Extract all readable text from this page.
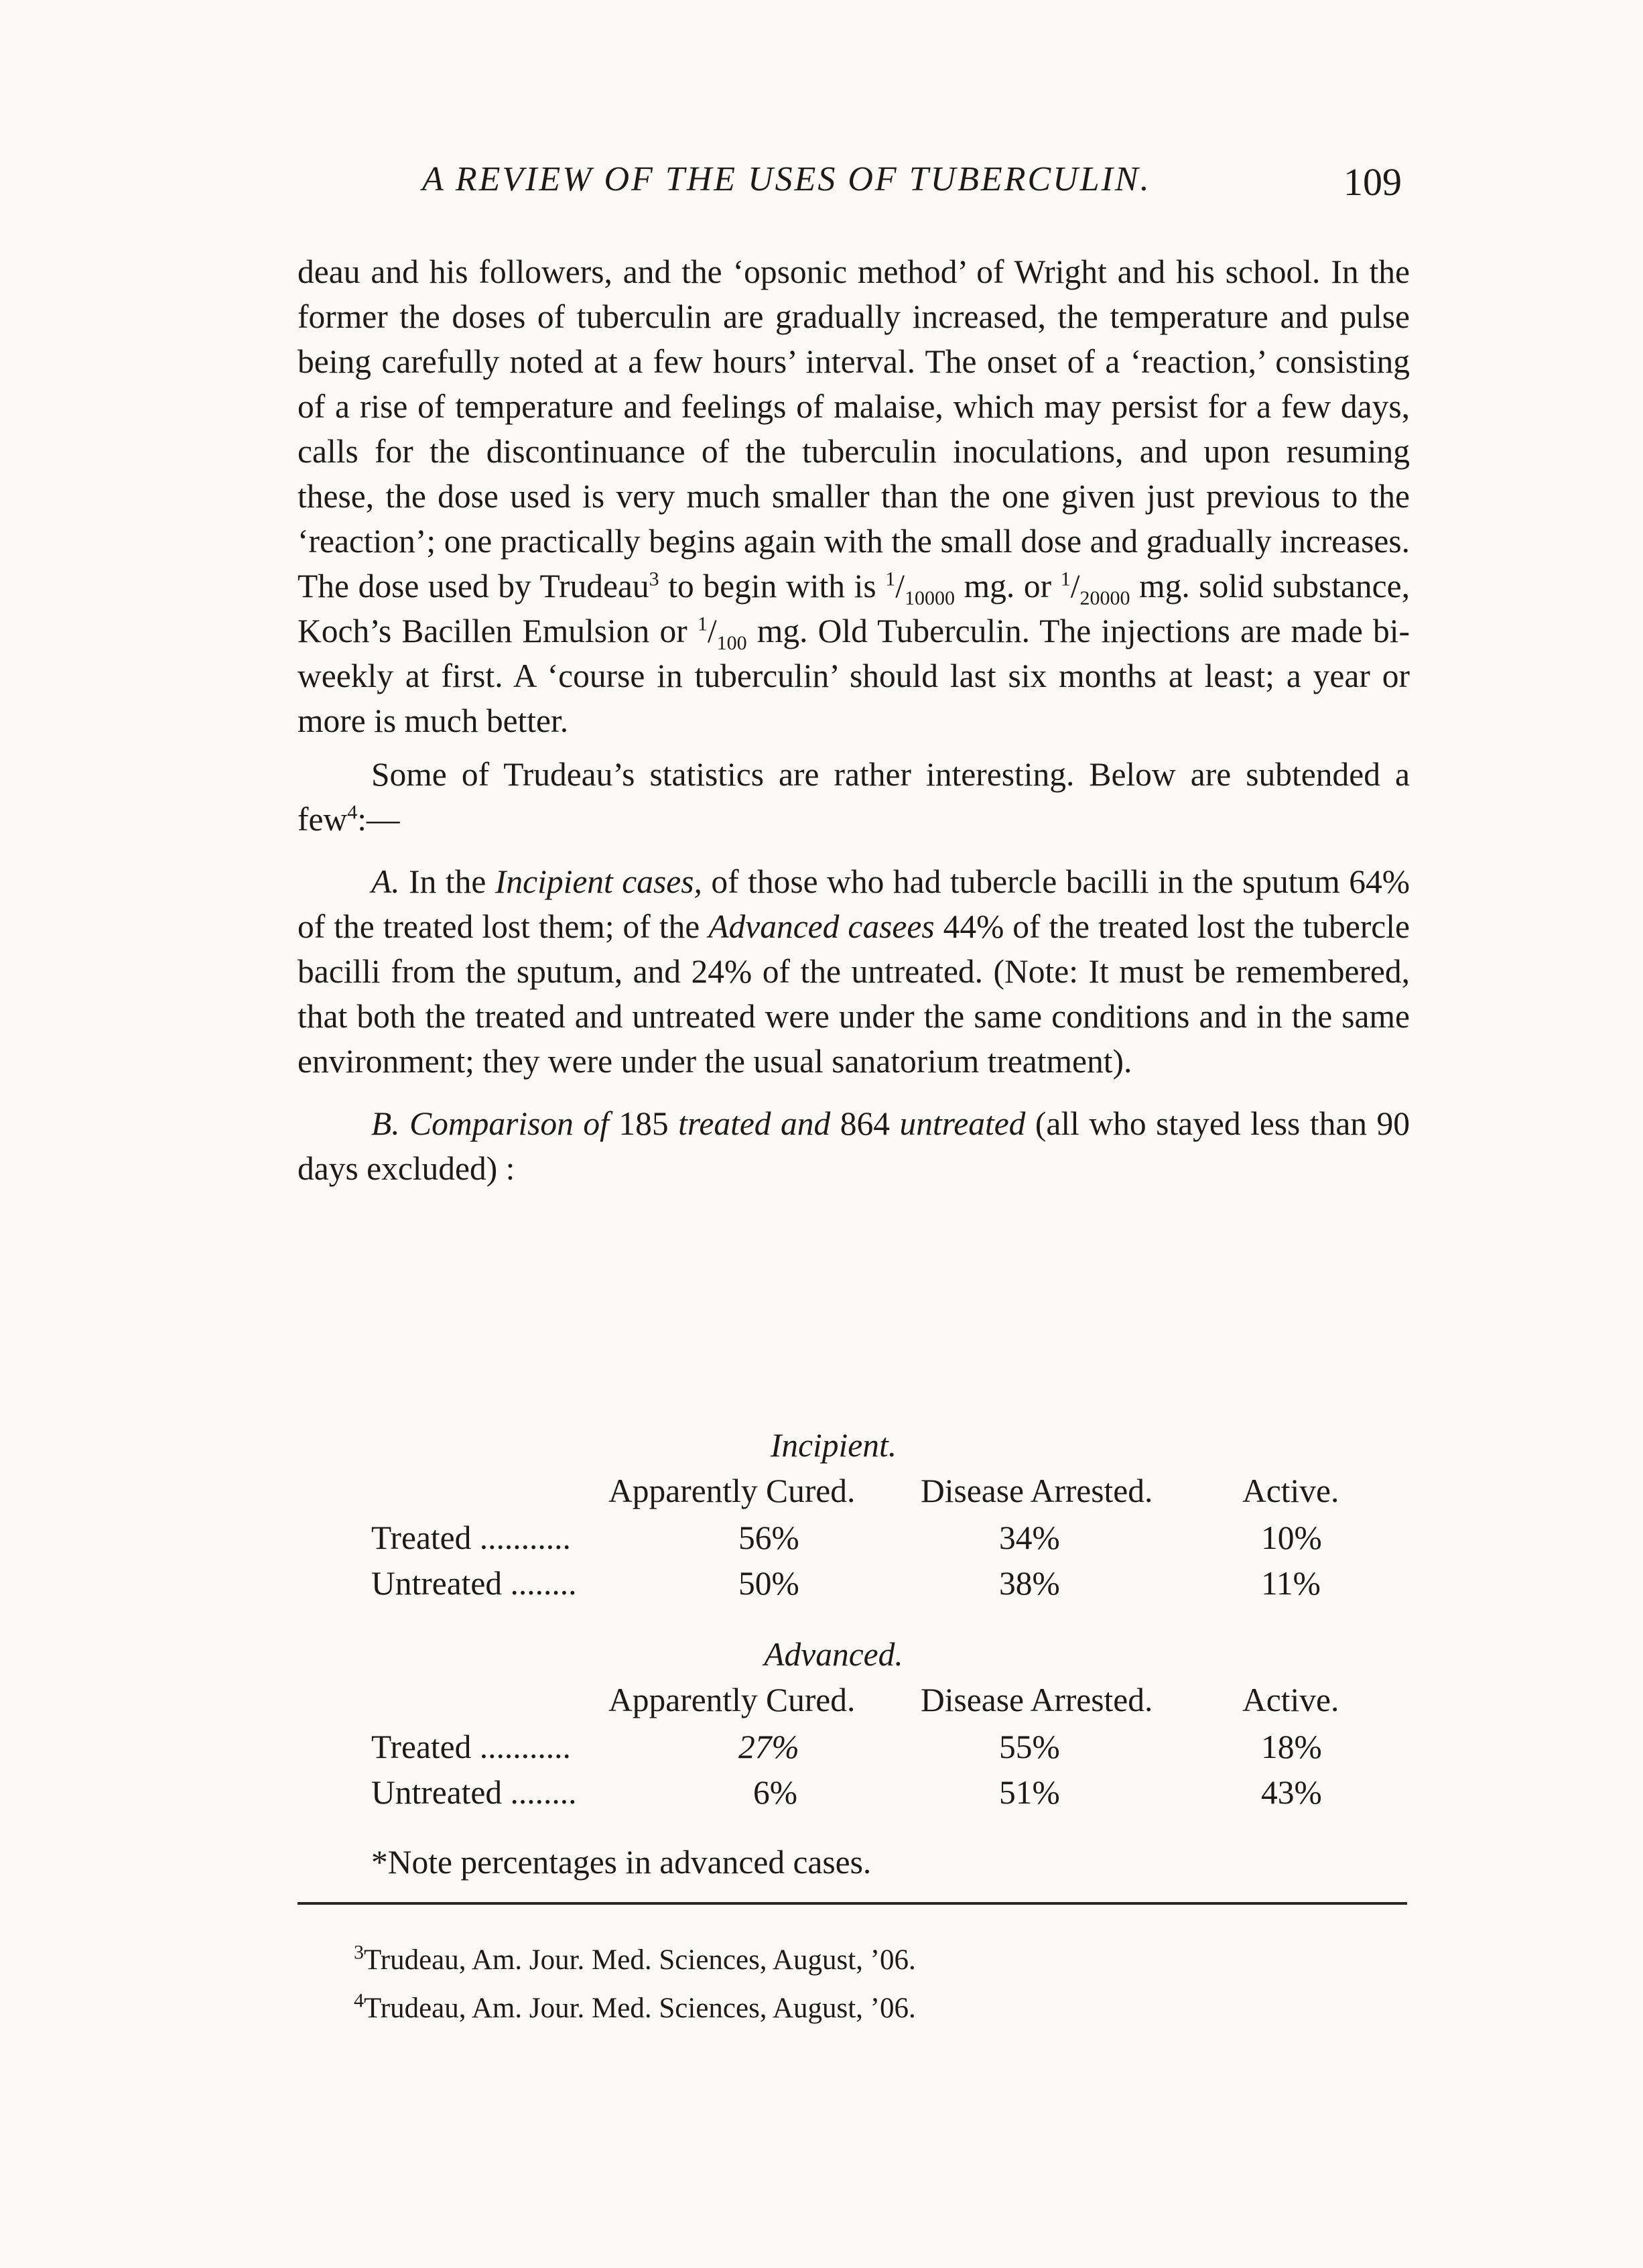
A REVIEW OF THE USES OF TUBERCULIN.	109

deau and his followers, and the ‘opsonic method’ of Wright and his school. In the former the doses of tuberculin are gradually increased, the temperature and pulse being carefully noted at a few hours’ interval. The onset of a ‘reaction,’ consisting of a rise of temperature and feelings of malaise, which may persist for a few days, calls for the discontinuance of the tuberculin inoculations, and upon resuming these, the dose used is very much smaller than the one given just previous to the ‘reaction’; one practically begins again with the small dose and gradually increases. The dose used by Trudeau$^3$ to begin with is $^1/_{10000}$ mg. or $^1/_{20000}$ mg. solid substance, Koch’s Bacillen Emulsion or $^1/_{100}$ mg. Old Tuberculin. The injections are made bi-weekly at first. A ‘course in tuberculin’ should last six months at least; a year or more is much better.

Some of Trudeau’s statistics are rather interesting. Below are subtended a few$^4$:—

A. In the Incipient cases, of those who had tubercle bacilli in the sputum 64% of the treated lost them; of the Advanced casees 44% of the treated lost the tubercle bacilli from the sputum, and 24% of the untreated. (Note: It must be remembered, that both the treated and untreated were under the same conditions and in the same environment; they were under the usual sanatorium treatment).

B. Comparison of 185 treated and 864 untreated (all who stayed less than 90 days excluded) :

Incipient.
Apparently Cured. Disease Arrested.	Active.
Treated ...........	56%	34%	10%
Untreated ........	50%	38%	11%
Advanced.
Apparently Cured. Disease Arrested.	Active.
Treated ...........	27%	55%	18%
Untreated ........	6%	51%	43%
*Note percentages in advanced cases.
$^3$Trudeau, Am. Jour. Med. Sciences, August, ’06.
$^4$Trudeau, Am. Jour. Med. Sciences, August, ’06.
